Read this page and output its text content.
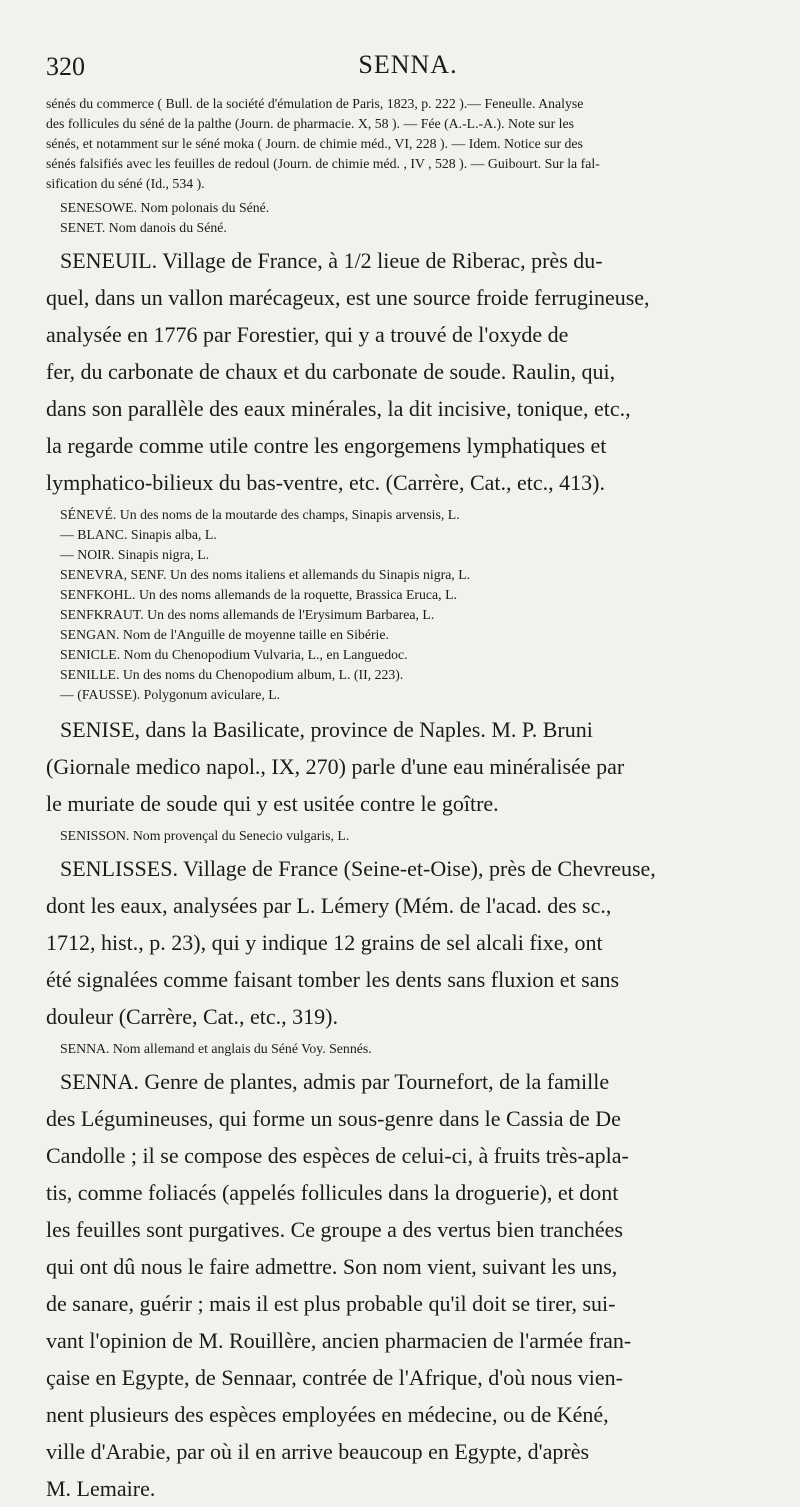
320	SENNA.

sénés du commerce ( Bull. de la société d'émulation de Paris, 1823, p. 222 ).— Feneulle. Analyse
des follicules du séné de la palthe (Journ. de pharmacie. X, 58 ). — Fée (A.-L.-A.). Note sur les
sénés, et notamment sur le séné moka ( Journ. de chimie méd., VI, 228 ). — Idem. Notice sur des
sénés falsifiés avec les feuilles de redoul (Journ. de chimie méd. , IV , 528 ). — Guibourt. Sur la fal-
sification du séné (Id., 534 ).

SENESOWE. Nom polonais du Séné.

SENET. Nom danois du Séné.

SENEUIL. Village de France, à 1/2 lieue de Riberac, près du-
quel, dans un vallon marécageux, est une source froide ferrugineuse,
analysée en 1776 par Forestier, qui y a trouvé de l'oxyde de
fer, du carbonate de chaux et du carbonate de soude. Raulin, qui,
dans son parallèle des eaux minérales, la dit incisive, tonique, etc.,
la regarde comme utile contre les engorgemens lymphatiques et
lymphatico-bilieux du bas-ventre, etc. (Carrère, Cat., etc., 413).

SÉNEVÉ. Un des noms de la moutarde des champs, Sinapis arvensis, L.

— BLANC. Sinapis alba, L.

— NOIR. Sinapis nigra, L.

SENEVRA, SENF. Un des noms italiens et allemands du Sinapis nigra, L.

SENFKOHL. Un des noms allemands de la roquette, Brassica Eruca, L.

SENFKRAUT. Un des noms allemands de l'Erysimum Barbarea, L.

SENGAN. Nom de l'Anguille de moyenne taille en Sibérie.

SENICLE. Nom du Chenopodium Vulvaria, L., en Languedoc.

SENILLE. Un des noms du Chenopodium album, L. (II, 223).

— (FAUSSE). Polygonum aviculare, L.

SENISE, dans la Basilicate, province de Naples. M. P. Bruni
(Giornale medico napol., IX, 270) parle d'une eau minéralisée par
le muriate de soude qui y est usitée contre le goître.

SENISSON. Nom provençal du Senecio vulgaris, L.

SENLISSES. Village de France (Seine-et-Oise), près de Chevreuse,
dont les eaux, analysées par L. Lémery (Mém. de l'acad. des sc.,
1712, hist., p. 23), qui y indique 12 grains de sel alcali fixe, ont
été signalées comme faisant tomber les dents sans fluxion et sans
douleur (Carrère, Cat., etc., 319).

SENNA. Nom allemand et anglais du Séné Voy. Sennés.

SENNA. Genre de plantes, admis par Tournefort, de la famille
des Légumineuses, qui forme un sous-genre dans le Cassia de De
Candolle ; il se compose des espèces de celui-ci, à fruits très-apla-
tis, comme foliacés (appelés follicules dans la droguerie), et dont
les feuilles sont purgatives. Ce groupe a des vertus bien tranchées
qui ont dû nous le faire admettre. Son nom vient, suivant les uns,
de sanare, guérir ; mais il est plus probable qu'il doit se tirer, sui-
vant l'opinion de M. Rouillère, ancien pharmacien de l'armée fran-
çaise en Egypte, de Sennaar, contrée de l'Afrique, d'où nous vien-
nent plusieurs des espèces employées en médecine, ou de Kéné,
ville d'Arabie, par où il en arrive beaucoup en Egypte, d'après
M. Lemaire.
